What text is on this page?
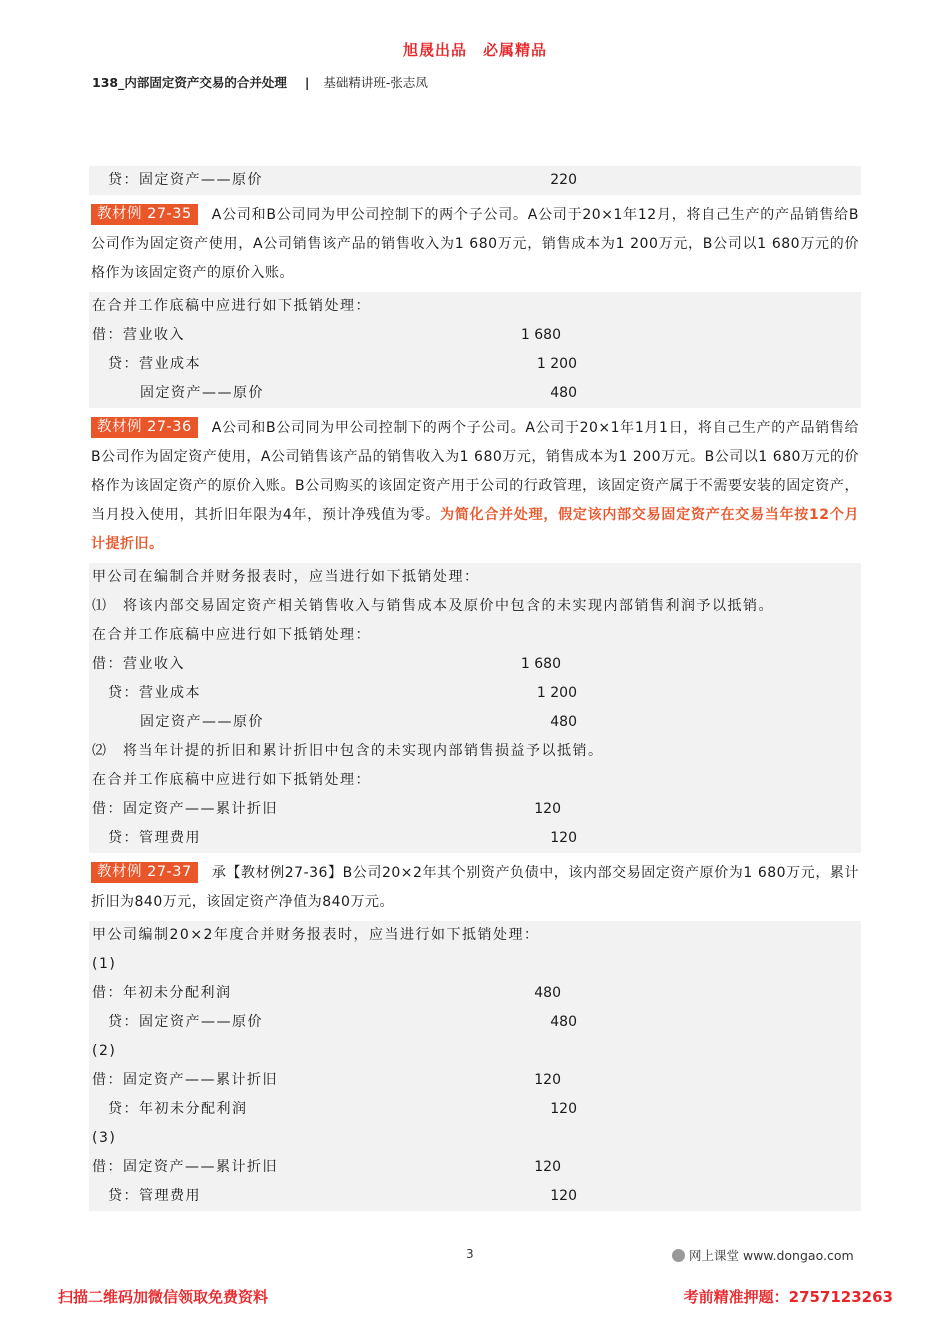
旭晟出品　必属精品
138_内部固定资产交易的合并处理 | 基础精讲班-张志凤
贷：固定资产——原价	220
教材例 27-35 A公司和B公司同为甲公司控制下的两个子公司。A公司于20×1年12月，将自己生产的产品销售给B公司作为固定资产使用，A公司销售该产品的销售收入为1 680万元，销售成本为1 200万元，B公司以1 680万元的价格作为该固定资产的原价入账。
在合并工作底稿中应进行如下抵销处理：
借：营业收入	1 680
贷：营业成本	1 200
固定资产——原价	480
教材例 27-36 A公司和B公司同为甲公司控制下的两个子公司。A公司于20×1年1月1日，将自己生产的产品销售给B公司作为固定资产使用，A公司销售该产品的销售收入为1 680万元，销售成本为1 200万元。B公司以1 680万元的价格作为该固定资产的原价入账。B公司购买的该固定资产用于公司的行政管理，该固定资产属于不需要安装的固定资产，当月投入使用，其折旧年限为4年，预计净残值为零。为简化合并处理，假定该内部交易固定资产在交易当年按12个月计提折旧。
甲公司在编制合并财务报表时，应当进行如下抵销处理：
⑴　将该内部交易固定资产相关销售收入与销售成本及原价中包含的未实现内部销售利润予以抵销。
在合并工作底稿中应进行如下抵销处理：
借：营业收入	1 680
贷：营业成本	1 200
固定资产——原价	480
⑵　将当年计提的折旧和累计折旧中包含的未实现内部销售损益予以抵销。
在合并工作底稿中应进行如下抵销处理：
借：固定资产——累计折旧	120
贷：管理费用	120
教材例 27-37 承【教材例27-36】B公司20×2年其个别资产负债中，该内部交易固定资产原价为1 680万元，累计折旧为840万元，该固定资产净值为840万元。
甲公司编制20×2年度合并财务报表时，应当进行如下抵销处理：
(1)
借：年初未分配利润	480
贷：固定资产——原价	480
(2)
借：固定资产——累计折旧	120
贷：年初未分配利润	120
(3)
借：固定资产——累计折旧	120
贷：管理费用	120
3	网上课堂 www.dongao.com
扫描二维码加微信领取免费资料	考前精准押题：2757123263
